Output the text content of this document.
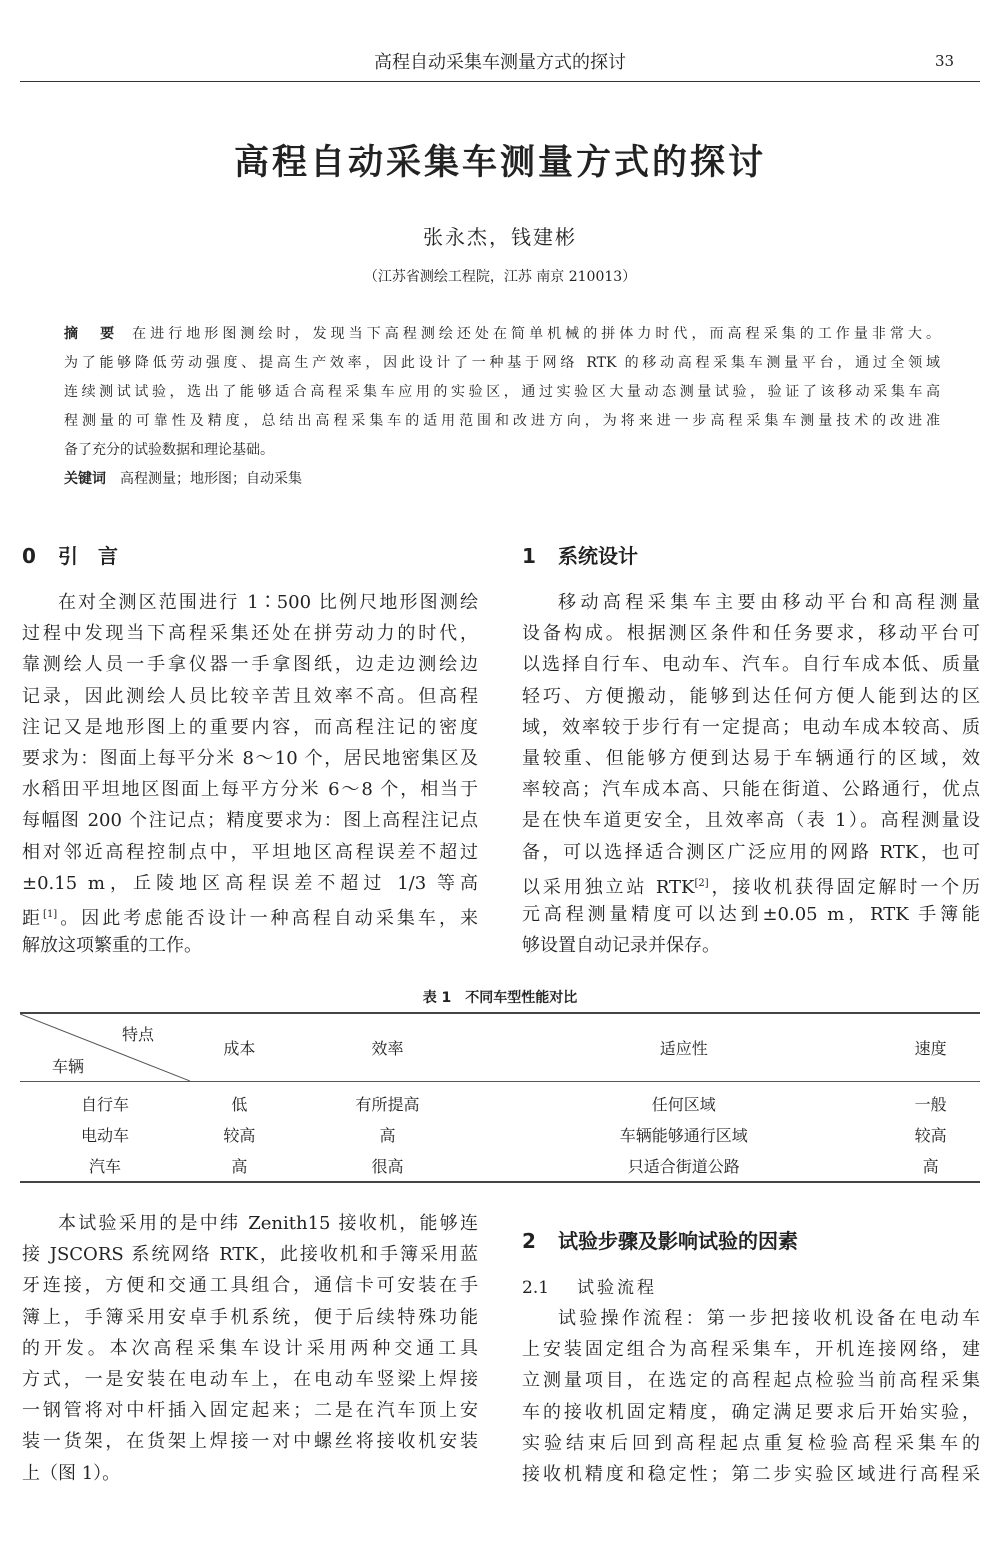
高程自动采集车测量方式的探讨	33
高程自动采集车测量方式的探讨
张永杰，钱建彬
（江苏省测绘工程院，江苏 南京 210013）
摘　要 在进行地形图测绘时，发现当下高程测绘还处在简单机械的拼体力时代，而高程采集的工作量非常大。
为了能够降低劳动强度、提高生产效率，因此设计了一种基于网络 RTK 的移动高程采集车测量平台，通过全领域
连续测试试验，选出了能够适合高程采集车应用的实验区，通过实验区大量动态测量试验，验证了该移动采集车高
程测量的可靠性及精度，总结出高程采集车的适用范围和改进方向，为将来进一步高程采集车测量技术的改进准
备了充分的试验数据和理论基础。
关键词 高程测量；地形图；自动采集
0 引　言
在对全测区范围进行 1∶500 比例尺地形图测绘
过程中发现当下高程采集还处在拼劳动力的时代，
靠测绘人员一手拿仪器一手拿图纸，边走边测绘边
记录，因此测绘人员比较辛苦且效率不高。但高程
注记又是地形图上的重要内容，而高程注记的密度
要求为：图面上每平分米 8～10 个，居民地密集区及
水稻田平坦地区图面上每平方分米 6～8 个，相当于
每幅图 200 个注记点；精度要求为：图上高程注记点
相对邻近高程控制点中，平坦地区高程误差不超过
±0.15 m，丘陵地区高程误差不超过 1/3 等高
距[1]。因此考虑能否设计一种高程自动采集车，来
解放这项繁重的工作。
1 系统设计
移动高程采集车主要由移动平台和高程测量
设备构成。根据测区条件和任务要求，移动平台可
以选择自行车、电动车、汽车。自行车成本低、质量
轻巧、方便搬动，能够到达任何方便人能到达的区
域，效率较于步行有一定提高；电动车成本较高、质
量较重、但能够方便到达易于车辆通行的区域，效
率较高；汽车成本高、只能在街道、公路通行，优点
是在快车道更安全，且效率高（表 1）。高程测量设
备，可以选择适合测区广泛应用的网路 RTK，也可
以采用独立站 RTK[2]，接收机获得固定解时一个历
元高程测量精度可以达到±0.05 m，RTK 手簿能
够设置自动记录并保存。
表 1　不同车型性能对比
特点
车辆	成本	效率	适应性	速度
自行车	低	有所提高	任何区域	一般
电动车	较高	高	车辆能够通行区域	较高
汽车	高	很高	只适合街道公路	高
本试验采用的是中纬 Zenith15 接收机，能够连
接 JSCORS 系统网络 RTK，此接收机和手簿采用蓝
牙连接，方便和交通工具组合，通信卡可安装在手
簿上，手簿采用安卓手机系统，便于后续特殊功能
的开发。本次高程采集车设计采用两种交通工具
方式，一是安装在电动车上，在电动车竖梁上焊接
一钢管将对中杆插入固定起来；二是在汽车顶上安
装一货架，在货架上焊接一对中螺丝将接收机安装
上（图 1）。
2 试验步骤及影响试验的因素
2.1 试验流程
试验操作流程：第一步把接收机设备在电动车
上安装固定组合为高程采集车，开机连接网络，建
立测量项目，在选定的高程起点检验当前高程采集
车的接收机固定精度，确定满足要求后开始实验，
实验结束后回到高程起点重复检验高程采集车的
接收机精度和稳定性；第二步实验区域进行高程采
